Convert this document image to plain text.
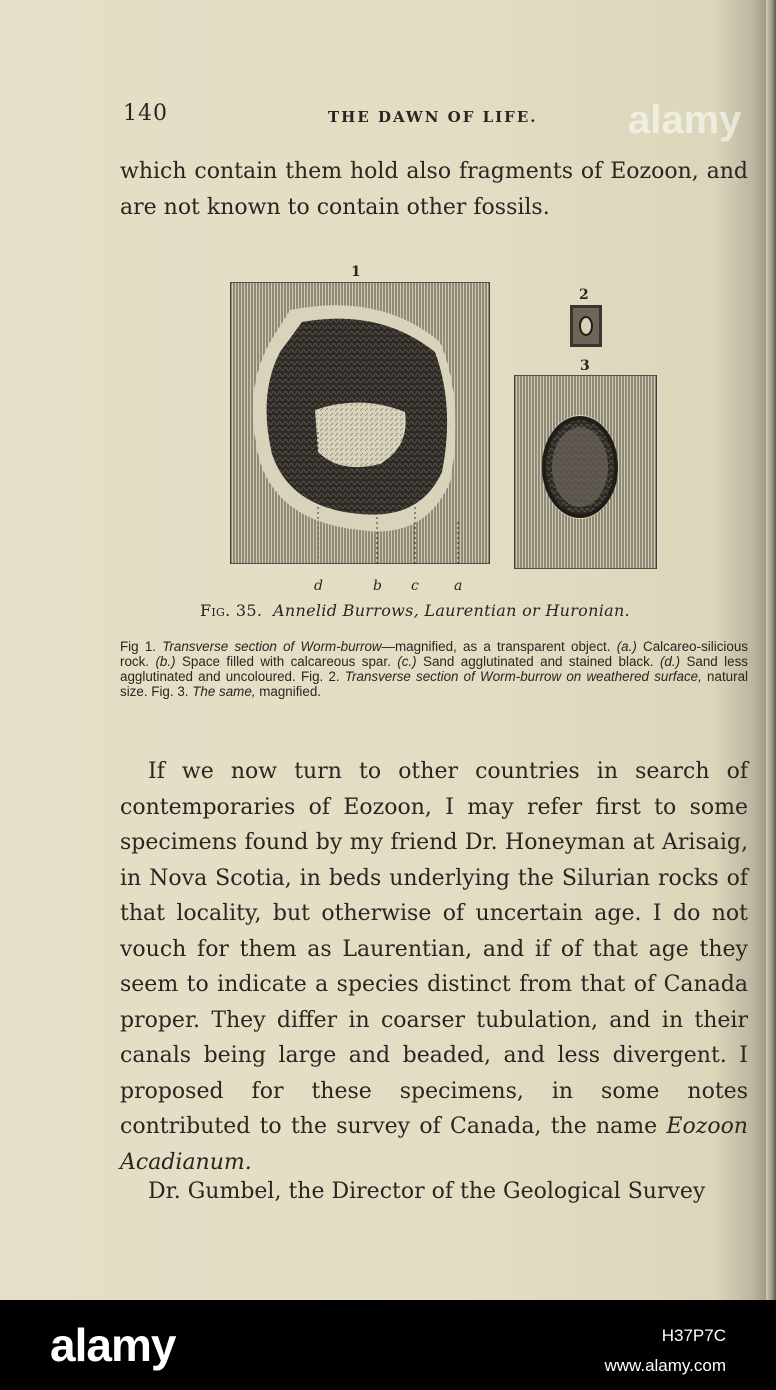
140	THE DAWN OF LIFE.

which contain them hold also fragments of Eozoon, and are not known to contain other fossils.

1
d	b c	a
2
3
Fig. 35. Annelid Burrows, Laurentian or Huronian.

Fig 1. Transverse section of Worm-burrow—magnified, as a transparent object. (a.) Calcareo-silicious rock. (b.) Space filled with calcareous spar. (c.) Sand agglutinated and stained black. (d.) Sand less agglutinated and uncoloured. Fig. 2. Transverse section of Worm-burrow on weathered surface, natural size. Fig. 3. The same, magnified.

If we now turn to other countries in search of contemporaries of Eozoon, I may refer first to some specimens found by my friend Dr. Honeyman at Arisaig, in Nova Scotia, in beds underlying the Silurian rocks of that locality, but otherwise of uncertain age. I do not vouch for them as Laurentian, and if of that age they seem to indicate a species distinct from that of Canada proper. They differ in coarser tubulation, and in their canals being large and beaded, and less divergent. I proposed for these specimens, in some notes contributed to the survey of Canada, the name Eozoon Acadianum.

Dr. Gumbel, the Director of the Geological Survey

alamy
alamy	H37P7C
www.alamy.com
